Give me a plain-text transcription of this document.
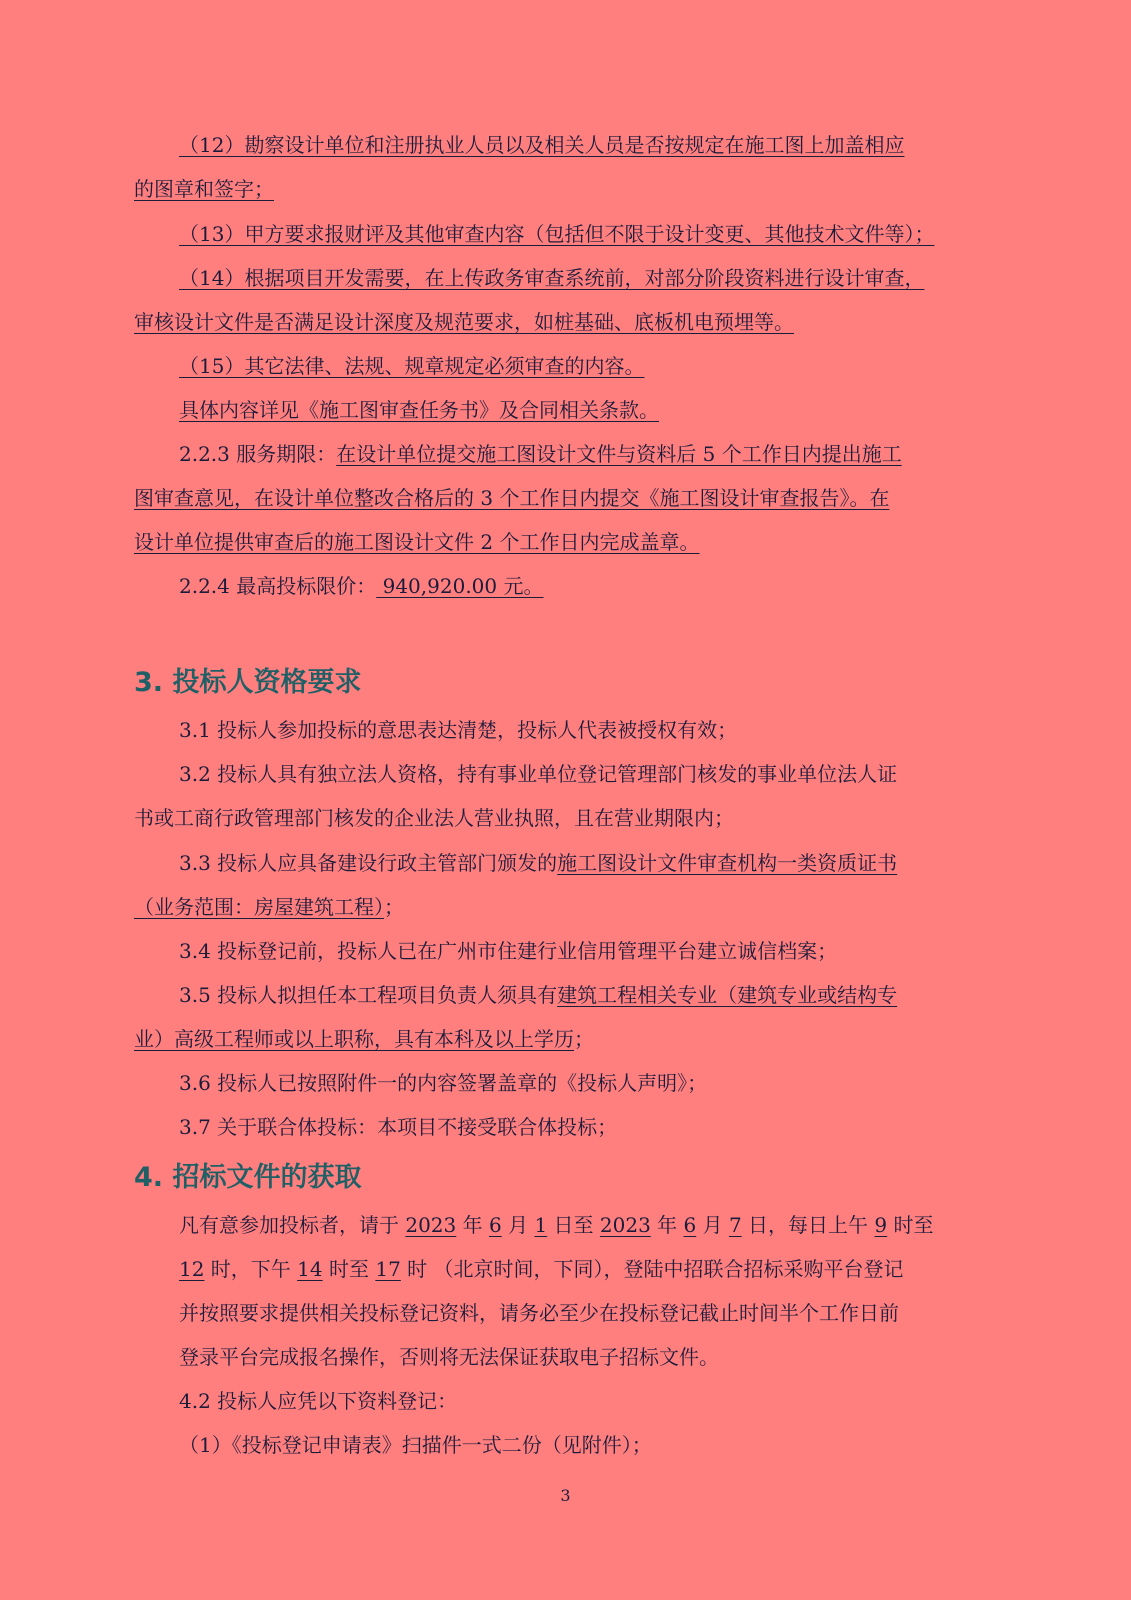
（12）勘察设计单位和注册执业人员以及相关人员是否按规定在施工图上加盖相应
的图章和签字；
（13）甲方要求报财评及其他审查内容（包括但不限于设计变更、其他技术文件等）；
（14）根据项目开发需要，在上传政务审查系统前，对部分阶段资料进行设计审查，
审核设计文件是否满足设计深度及规范要求，如桩基础、底板机电预埋等。
（15）其它法律、法规、规章规定必须审查的内容。
具体内容详见《施工图审查任务书》及合同相关条款。
2.2.3 服务期限：在设计单位提交施工图设计文件与资料后 5 个工作日内提出施工
图审查意见，在设计单位整改合格后的 3 个工作日内提交《施工图设计审查报告》。在
设计单位提供审查后的施工图设计文件 2 个工作日内完成盖章。
2.2.4 最高投标限价： 940,920.00 元。
3. 投标人资格要求
3.1 投标人参加投标的意思表达清楚，投标人代表被授权有效；
3.2 投标人具有独立法人资格，持有事业单位登记管理部门核发的事业单位法人证
书或工商行政管理部门核发的企业法人营业执照，且在营业期限内；
3.3 投标人应具备建设行政主管部门颁发的施工图设计文件审查机构一类资质证书
（业务范围：房屋建筑工程）；
3.4 投标登记前，投标人已在广州市住建行业信用管理平台建立诚信档案；
3.5 投标人拟担任本工程项目负责人须具有建筑工程相关专业（建筑专业或结构专
业）高级工程师或以上职称，具有本科及以上学历；
3.6 投标人已按照附件一的内容签署盖章的《投标人声明》；
3.7 关于联合体投标：本项目不接受联合体投标；
4. 招标文件的获取
凡有意参加投标者，请于 2023 年 6 月 1 日至 2023 年 6 月 7 日，每日上午 9 时至
12 时，下午 14 时至 17 时 （北京时间，下同），登陆中招联合招标采购平台登记
并按照要求提供相关投标登记资料，请务必至少在投标登记截止时间半个工作日前
登录平台完成报名操作，否则将无法保证获取电子招标文件。
4.2 投标人应凭以下资料登记：
（1）《投标登记申请表》扫描件一式二份（见附件）；
3
